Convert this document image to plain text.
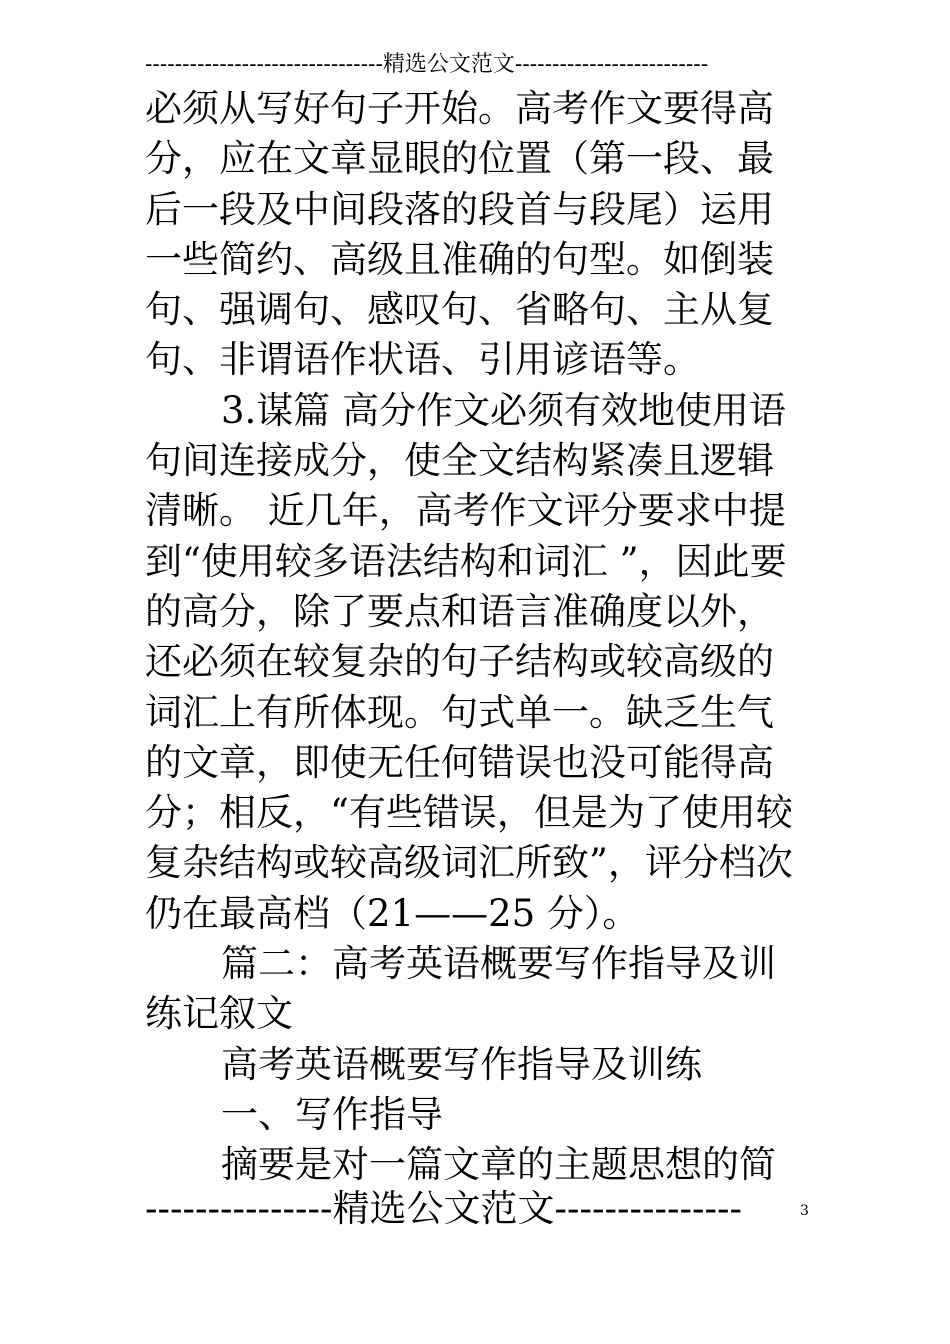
--------------------------------精选公文范文--------------------------
必须从写好句子开始。高考作文要得高
分，应在文章显眼的位置（第一段、最
后一段及中间段落的段首与段尾）运用
一些简约、高级且准确的句型。如倒装
句、强调句、感叹句、省略句、主从复
句、非谓语作状语、引用谚语等。
3.谋篇 高分作文必须有效地使用语
句间连接成分，使全文结构紧凑且逻辑
清晰。 近几年，高考作文评分要求中提
到“使用较多语法结构和词汇 ”，因此要
的高分，除了要点和语言准确度以外，
还必须在较复杂的句子结构或较高级的
词汇上有所体现。句式单一。缺乏生气
的文章，即使无任何错误也没可能得高
分；相反，“有些错误，但是为了使用较
复杂结构或较高级词汇所致”，评分档次
仍在最高档（21——25 分）。
篇二：高考英语概要写作指导及训
练记叙文
高考英语概要写作指导及训练
一、写作指导
摘要是对一篇文章的主题思想的简
---------------精选公文范文---------------	3
